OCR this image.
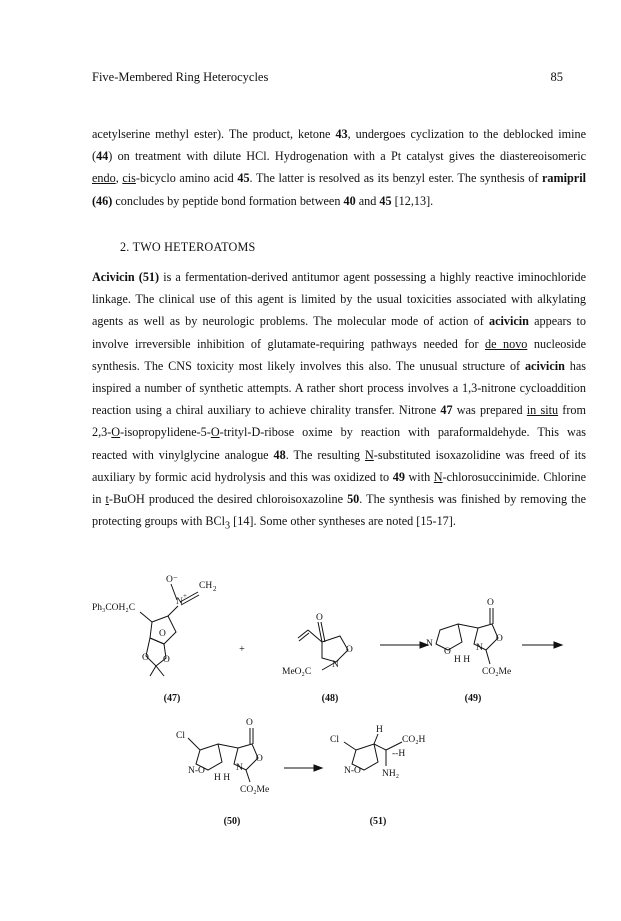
Five-Membered Ring Heterocycles	85

acetylserine methyl ester). The product, ketone 43, undergoes cyclization to the deblocked imine (44) on treatment with dilute HCl. Hydrogenation with a Pt catalyst gives the diastereoisomeric endo, cis-bicyclo amino acid 45. The latter is resolved as its benzyl ester. The synthesis of ramipril (46) concludes by peptide bond formation between 40 and 45 [12,13].

2. TWO HETEROATOMS

Acivicin (51) is a fermentation-derived antitumor agent possessing a highly reactive iminochloride linkage. The clinical use of this agent is limited by the usual toxicities associated with alkylating agents as well as by neurologic problems. The molecular mode of action of acivicin appears to involve irreversible inhibition of glutamate-requiring pathways needed for de novo nucleoside synthesis. The CNS toxicity most likely involves this also. The unusual structure of acivicin has inspired a number of synthetic attempts. A rather short process involves a 1,3-nitrone cycloaddition reaction using a chiral auxiliary to achieve chirality transfer. Nitrone 47 was prepared in situ from 2,3-O-isopropylidene-5-O-trityl-D-ribose oxime by reaction with paraformaldehyde. This was reacted with vinylglycine analogue 48. The resulting N-substituted isoxazolidine was freed of its auxiliary by formic acid hydrolysis and this was oxidized to 49 with N-chlorosuccinimide. Chlorine in t-BuOH produced the desired chloroisoxazoline 50. The synthesis was finished by removing the protecting groups with BCl$_3$ [14]. Some other syntheses are noted [15-17].

(47)	(48)	(49)
(50)	(51)
+
O⁻
CH 2
N
+
Ph₃COH₂C
O
O O
O
O
N
MeO₂C
O
O
N
O
H H
N
CO₂Me
O
O
Cl
N-O
H H
N
CO₂Me
H
Cl	CO₂H
--H
N-O NH₂
